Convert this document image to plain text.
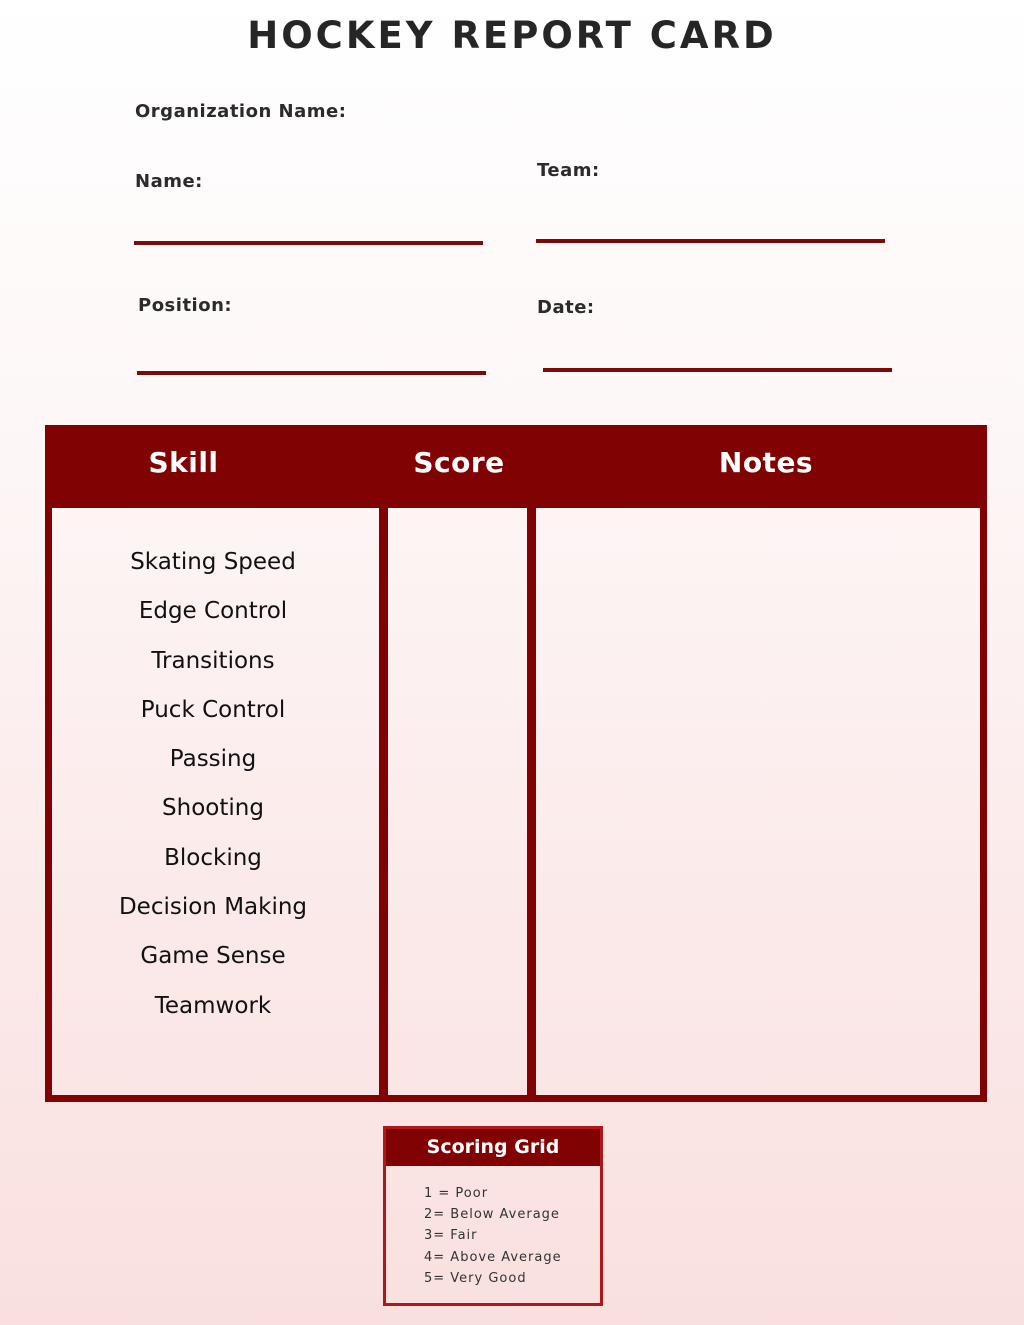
HOCKEY REPORT CARD
Organization Name:
Name:
Team:
Position:	Date:
Skill	Score	Notes
Skating Speed
Edge Control
Transitions
Puck Control
Passing
Shooting
Blocking
Decision Making
Game Sense
Teamwork
Scoring Grid
1 = Poor
2= Below Average
3= Fair
4= Above Average
5= Very Good
